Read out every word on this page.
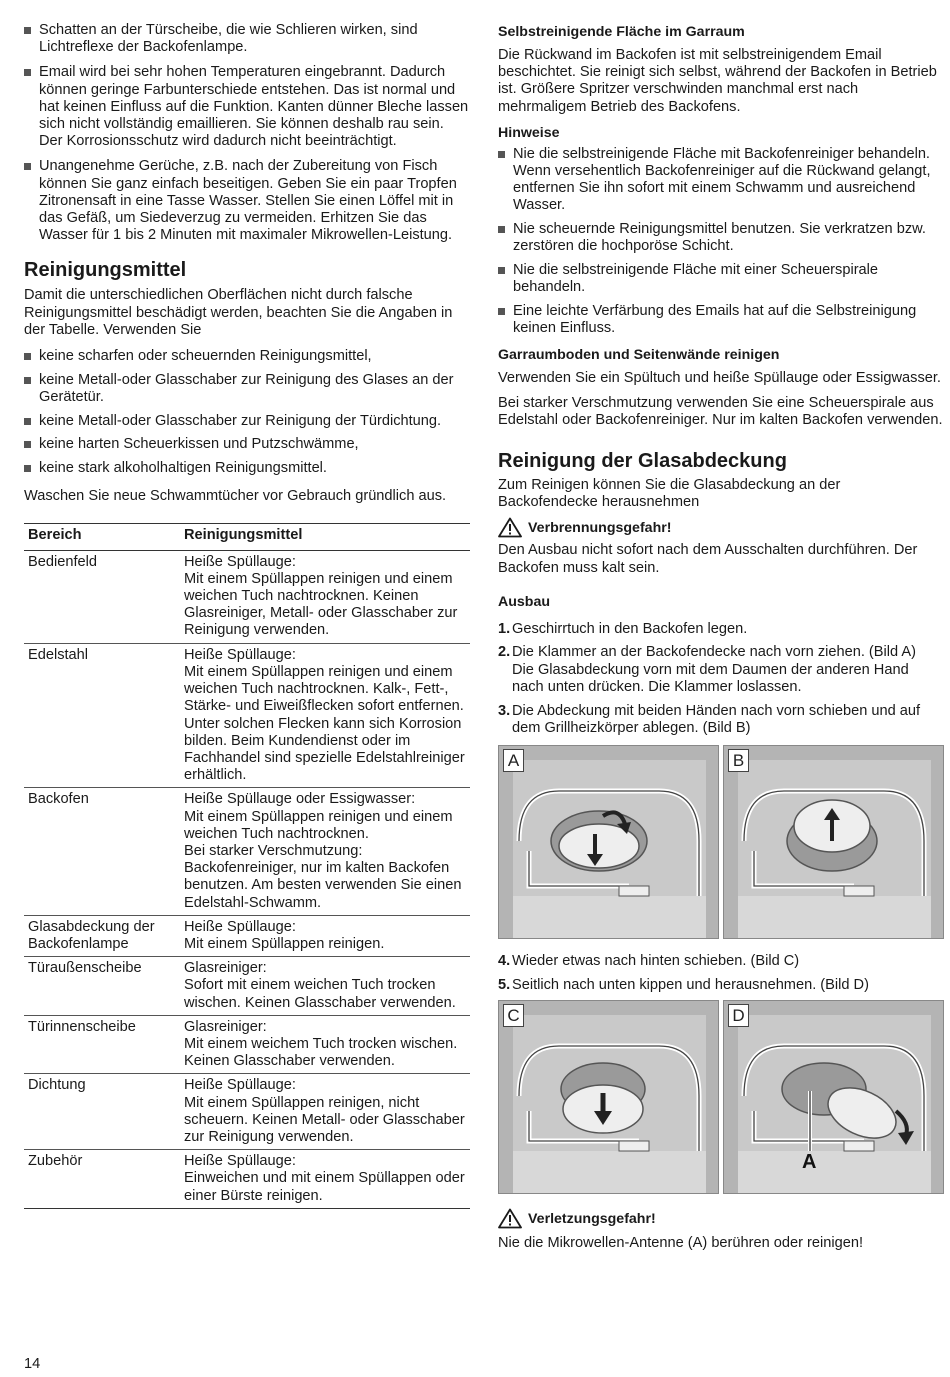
Schatten an der Türscheibe, die wie Schlieren wirken, sind Lichtreflexe der Backofenlampe.
Email wird bei sehr hohen Temperaturen eingebrannt. Dadurch können geringe Farbunterschiede entstehen. Das ist normal und hat keinen Einfluss auf die Funktion. Kanten dünner Bleche lassen sich nicht vollständig emaillieren. Sie können deshalb rau sein. Der Korrosionsschutz wird dadurch nicht beeinträchtigt.
Unangenehme Gerüche, z.B. nach der Zubereitung von Fisch können Sie ganz einfach beseitigen. Geben Sie ein paar Tropfen Zitronensaft in eine Tasse Wasser. Stellen Sie einen Löffel mit in das Gefäß, um Siedeverzug zu vermeiden. Erhitzen Sie das Wasser für 1 bis 2 Minuten mit maximaler Mikrowellen-Leistung.
Reinigungsmittel

Damit die unterschiedlichen Oberflächen nicht durch falsche Reinigungsmittel beschädigt werden, beachten Sie die Angaben in der Tabelle. Verwenden Sie

keine scharfen oder scheuernden Reinigungsmittel,
keine Metall-oder Glasschaber zur Reinigung des Glases an der Gerätetür.
keine Metall-oder Glasschaber zur Reinigung der Türdichtung.
keine harten Scheuerkissen und Putzschwämme,
keine stark alkoholhaltigen Reinigungsmittel.

Waschen Sie neue Schwammtücher vor Gebrauch gründlich aus.

Bereich	Reinigungsmittel
Bedienfeld	Heiße Spüllauge:
Mit einem Spüllappen reinigen und einem weichen Tuch nachtrocknen. Keinen Glasreiniger, Metall- oder Glasschaber zur Reinigung verwenden.
Edelstahl	Heiße Spüllauge:
Mit einem Spüllappen reinigen und einem weichen Tuch nachtrocknen. Kalk-, Fett-, Stärke- und Eiweißflecken sofort entfernen. Unter solchen Flecken kann sich Korrosion bilden. Beim Kundendienst oder im Fachhandel sind spezielle Edelstahlreiniger erhältlich.
Backofen	Heiße Spüllauge oder Essigwasser:
Mit einem Spüllappen reinigen und einem weichen Tuch nachtrocknen.
Bei starker Verschmutzung: Backofenreiniger, nur im kalten Backofen benutzen. Am besten verwenden Sie einen Edelstahl-Schwamm.
Glasabdeckung der Backofenlampe	Heiße Spüllauge:
Mit einem Spüllappen reinigen.
Türaußenscheibe	Glasreiniger:
Sofort mit einem weichen Tuch trocken wischen. Keinen Glasschaber verwenden.
Türinnenscheibe	Glasreiniger:
Mit einem weichem Tuch trocken wischen. Keinen Glasschaber verwenden.
Dichtung	Heiße Spüllauge:
Mit einem Spüllappen reinigen, nicht scheuern. Keinen Metall- oder Glasschaber zur Reinigung verwenden.
Zubehör	Heiße Spüllauge:
Einweichen und mit einem Spüllappen oder einer Bürste reinigen.
Selbstreinigende Fläche im Garraum

Die Rückwand im Backofen ist mit selbstreinigendem Email beschichtet. Sie reinigt sich selbst, während der Backofen in Betrieb ist. Größere Spritzer verschwinden manchmal erst nach mehrmaligem Betrieb des Backofens.

Hinweise
Nie die selbstreinigende Fläche mit Backofenreiniger behandeln. Wenn versehentlich Backofenreiniger auf die Rückwand gelangt, entfernen Sie ihn sofort mit einem Schwamm und ausreichend Wasser.
Nie scheuernde Reinigungsmittel benutzen. Sie verkratzen bzw. zerstören die hochporöse Schicht.
Nie die selbstreinigende Fläche mit einer Scheuerspirale behandeln.
Eine leichte Verfärbung des Emails hat auf die Selbstreinigung keinen Einfluss.
Garraumboden und Seitenwände reinigen

Verwenden Sie ein Spültuch und heiße Spüllauge oder Essigwasser.

Bei starker Verschmutzung verwenden Sie eine Scheuerspirale aus Edelstahl oder Backofenreiniger. Nur im kalten Backofen verwenden.

Reinigung der Glasabdeckung

Zum Reinigen können Sie die Glasabdeckung an der Backofendecke herausnehmen

Verbrennungsgefahr!

Den Ausbau nicht sofort nach dem Ausschalten durchführen. Der Backofen muss kalt sein.

Ausbau
1. Geschirrtuch in den Backofen legen.
2. Die Klammer an der Backofendecke nach vorn ziehen. (Bild A)
Die Glasabdeckung vorn mit dem Daumen der anderen Hand nach unten drücken. Die Klammer loslassen.
3. Die Abdeckung mit beiden Händen nach vorn schieben und auf dem Grillheizkörper ablegen. (Bild B)
A	B
4. Wieder etwas nach hinten schieben. (Bild C)
5. Seitlich nach unten kippen und herausnehmen. (Bild D)
C	D
A
Verletzungsgefahr!

Nie die Mikrowellen-Antenne (A) berühren oder reinigen!

14
